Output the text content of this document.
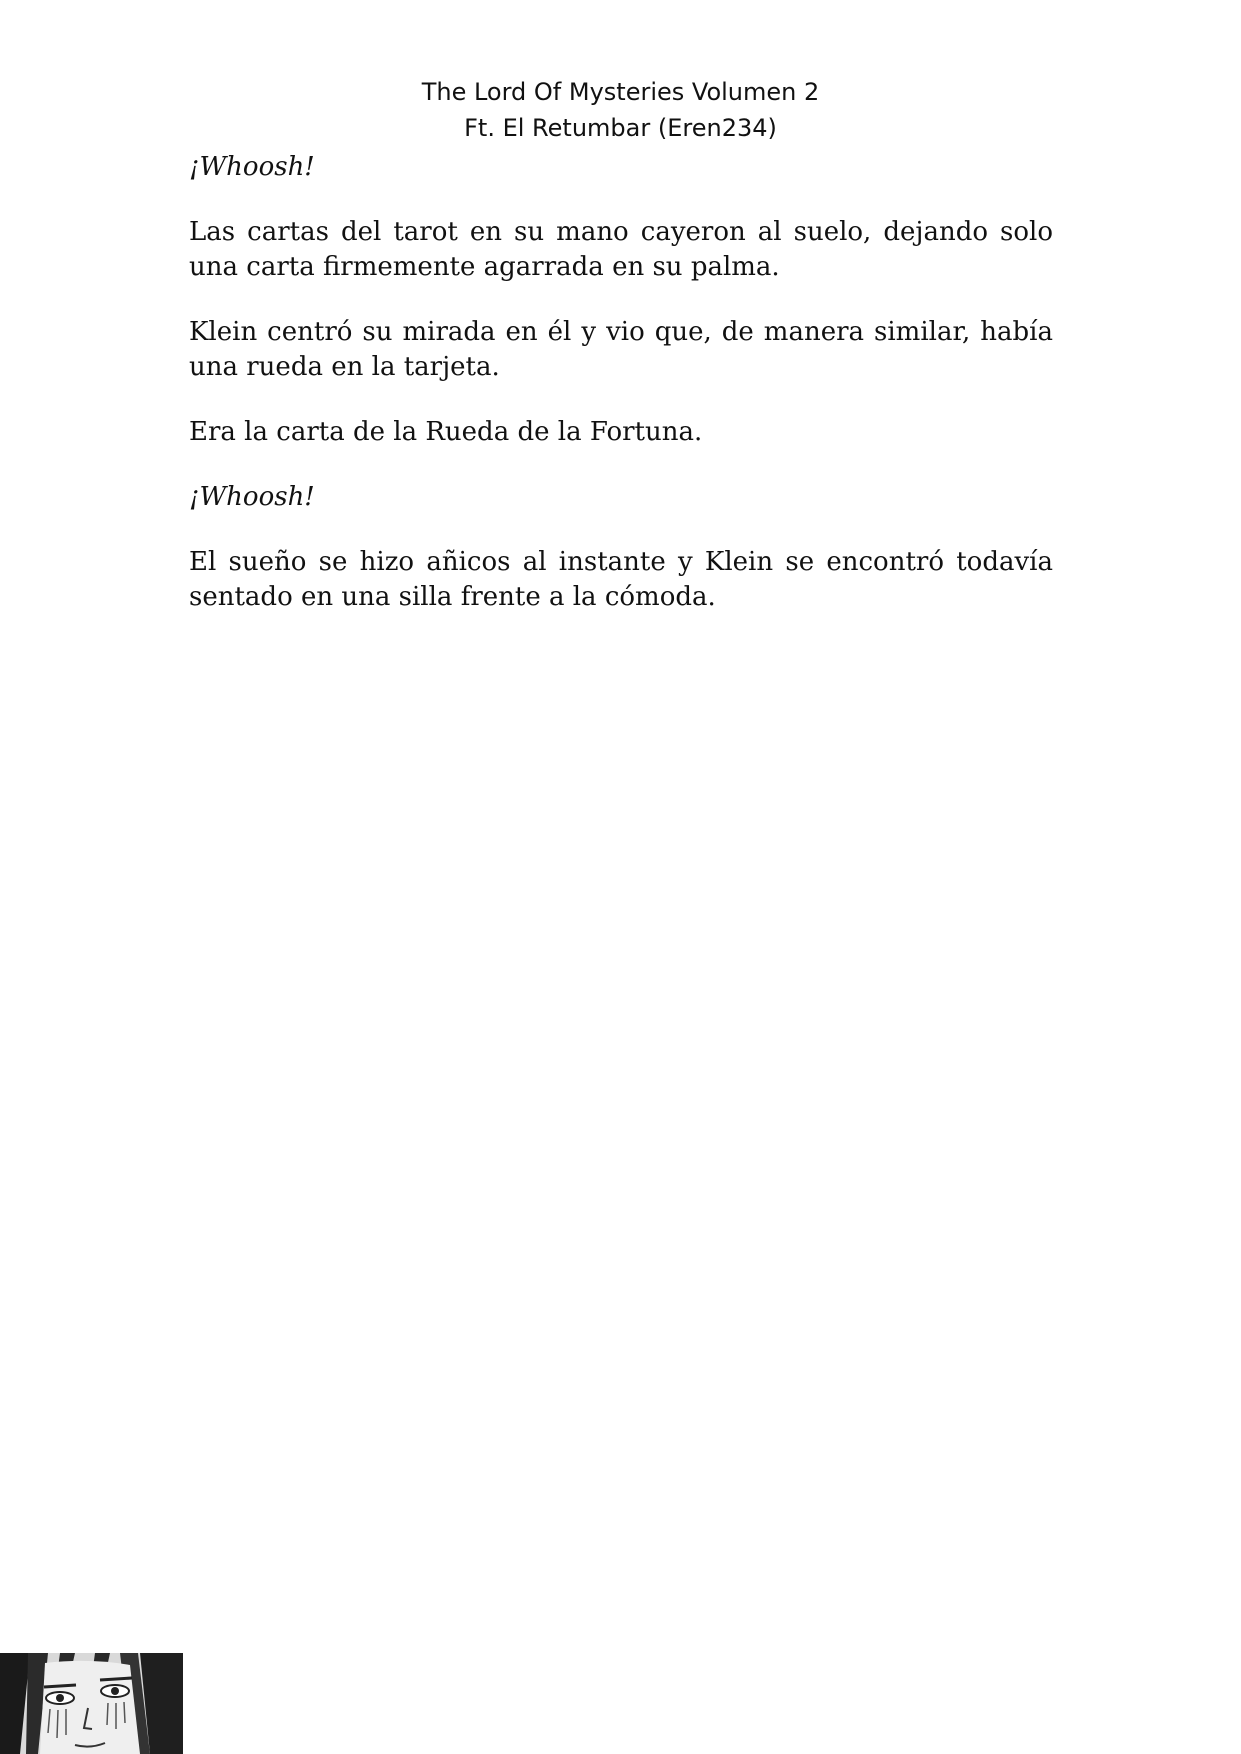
The Lord Of Mysteries Volumen 2
Ft. El Retumbar (Eren234)

¡Whoosh!

Las cartas del tarot en su mano cayeron al suelo, dejando solo una carta firmemente agarrada en su palma.

Klein centró su mirada en él y vio que, de manera similar, había una rueda en la tarjeta.

Era la carta de la Rueda de la Fortuna.

¡Whoosh!

El sueño se hizo añicos al instante y Klein se encontró todavía sentado en una silla frente a la cómoda.
